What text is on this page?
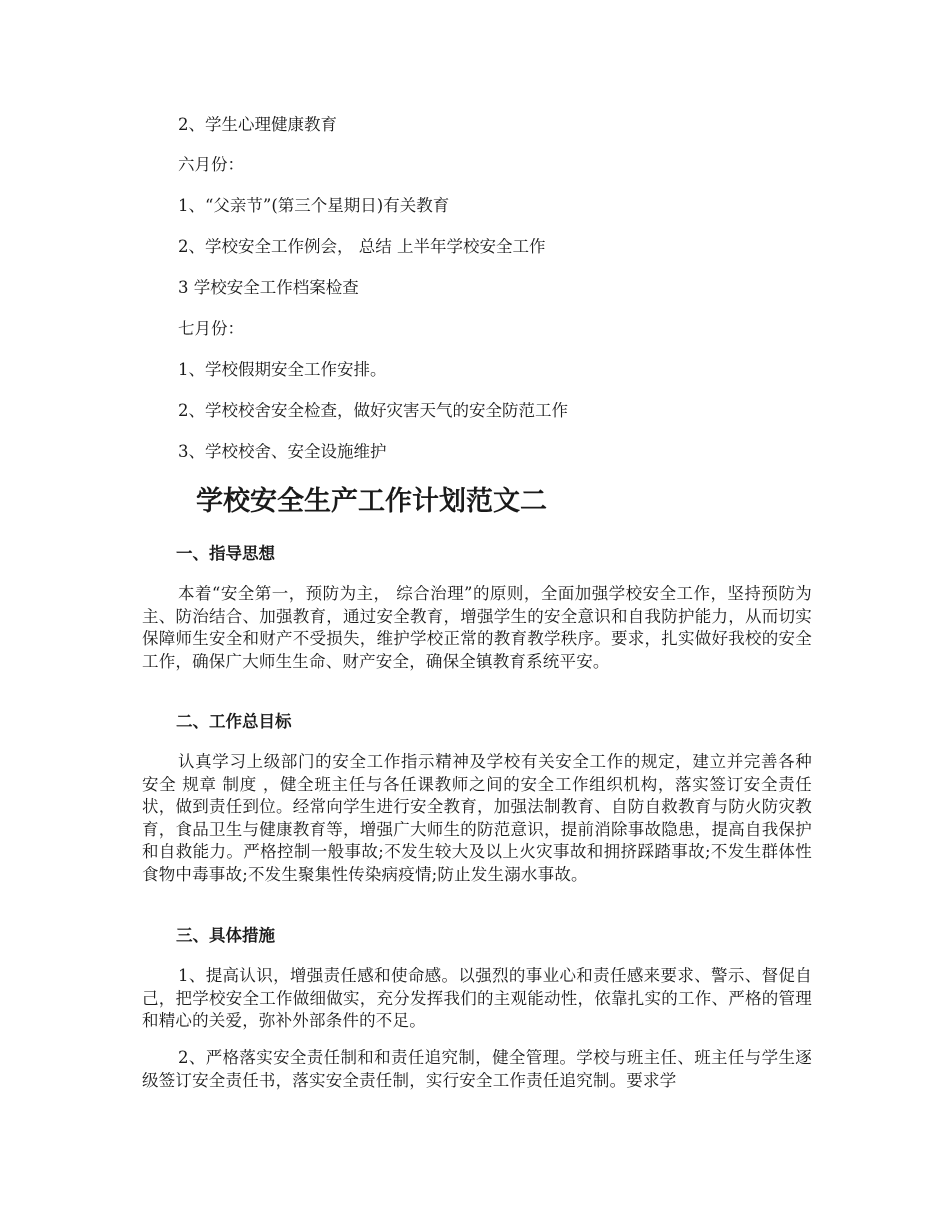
2、学生心理健康教育
六月份：
1、“父亲节”(第三个星期日)有关教育
2、学校安全工作例会， 总结 上半年学校安全工作
3 学校安全工作档案检查
七月份：
1、学校假期安全工作安排。
2、学校校舍安全检查，做好灾害天气的安全防范工作
3、学校校舍、安全设施维护
学校安全生产工作计划范文二
一、指导思想
本着“安全第一，预防为主， 综合治理”的原则，全面加强学校安全工作，坚持预防为主、防治结合、加强教育，通过安全教育，增强学生的安全意识和自我防护能力，从而切实保障师生安全和财产不受损失，维护学校正常的教育教学秩序。要求，扎实做好我校的安全工作，确保广大师生生命、财产安全，确保全镇教育系统平安。
二、工作总目标
认真学习上级部门的安全工作指示精神及学校有关安全工作的规定，建立并完善各种安全 规章 制度 ，健全班主任与各任课教师之间的安全工作组织机构，落实签订安全责任状，做到责任到位。经常向学生进行安全教育，加强法制教育、自防自救教育与防火防灾教育，食品卫生与健康教育等，增强广大师生的防范意识，提前消除事故隐患，提高自我保护和自救能力。严格控制一般事故;不发生较大及以上火灾事故和拥挤踩踏事故;不发生群体性食物中毒事故;不发生聚集性传染病疫情;防止发生溺水事故。
三、具体措施
1、提高认识，增强责任感和使命感。以强烈的事业心和责任感来要求、警示、督促自己，把学校安全工作做细做实，充分发挥我们的主观能动性，依靠扎实的工作、严格的管理和精心的关爱，弥补外部条件的不足。
2、严格落实安全责任制和和责任追究制，健全管理。学校与班主任、班主任与学生逐级签订安全责任书，落实安全责任制，实行安全工作责任追究制。要求学
